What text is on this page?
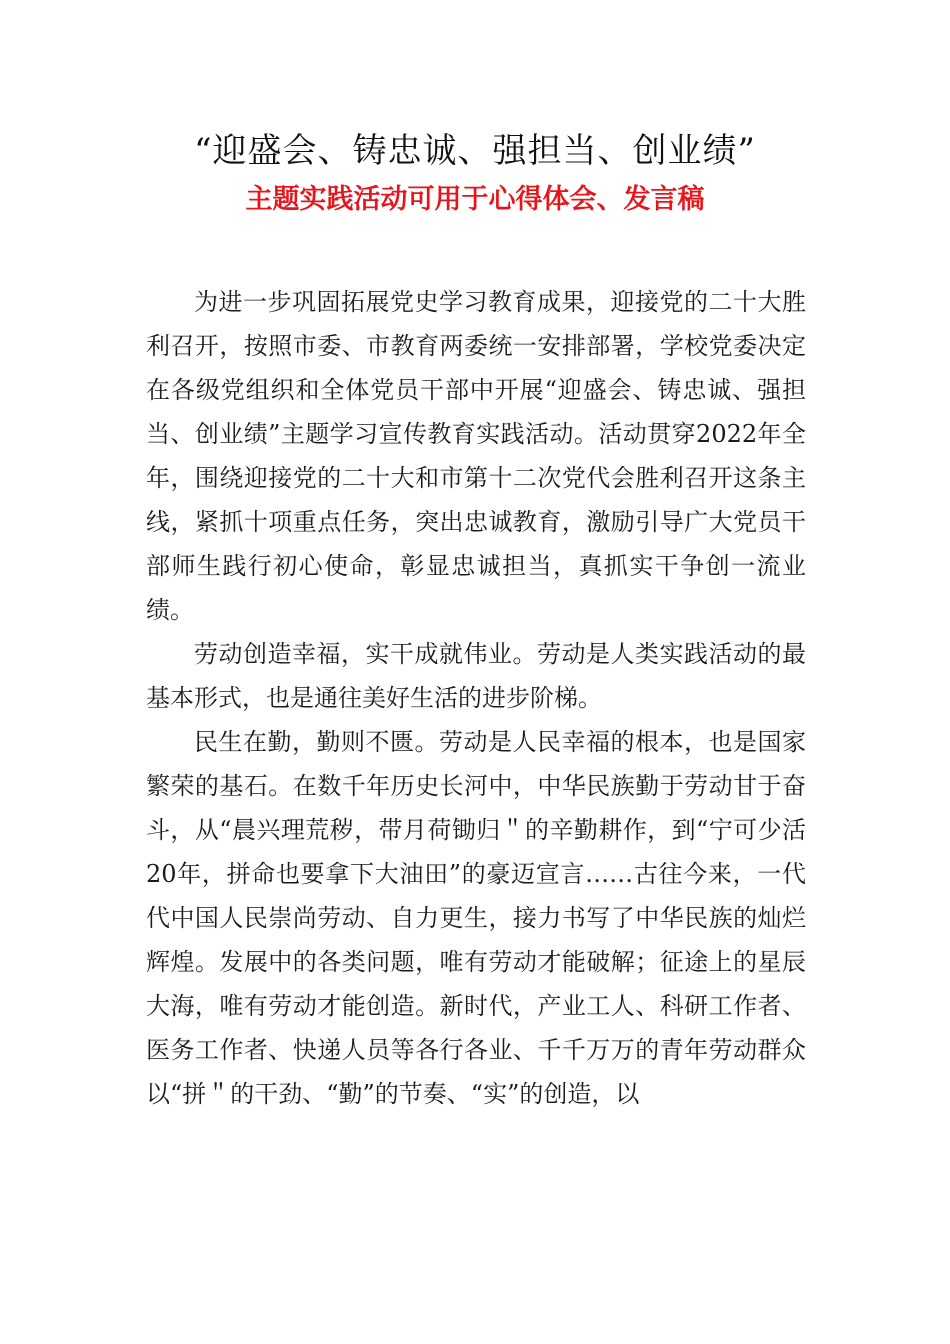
“迎盛会、铸忠诚、强担当、创业绩”
主题实践活动可用于心得体会、发言稿

为进一步巩固拓展党史学习教育成果，迎接党的二十大胜利召开，按照市委、市教育两委统一安排部署，学校党委决定在各级党组织和全体党员干部中开展“迎盛会、铸忠诚、强担当、创业绩”主题学习宣传教育实践活动。活动贯穿2022年全年，围绕迎接党的二十大和市第十二次党代会胜利召开这条主线，紧抓十项重点任务，突出忠诚教育，激励引导广大党员干部师生践行初心使命，彰显忠诚担当，真抓实干争创一流业绩。

劳动创造幸福，实干成就伟业。劳动是人类实践活动的最基本形式，也是通往美好生活的进步阶梯。

民生在勤，勤则不匮。劳动是人民幸福的根本，也是国家繁荣的基石。在数千年历史长河中，中华民族勤于劳动甘于奋斗，从“晨兴理荒秽，带月荷锄归＂的辛勤耕作，到“宁可少活20年，拼命也要拿下大油田”的豪迈宣言……古往今来，一代代中国人民崇尚劳动、自力更生，接力书写了中华民族的灿烂辉煌。发展中的各类问题，唯有劳动才能破解；征途上的星辰大海，唯有劳动才能创造。新时代，产业工人、科研工作者、医务工作者、快递人员等各行各业、千千万万的青年劳动群众以“拼＂的干劲、“勤”的节奏、“实”的创造，以
